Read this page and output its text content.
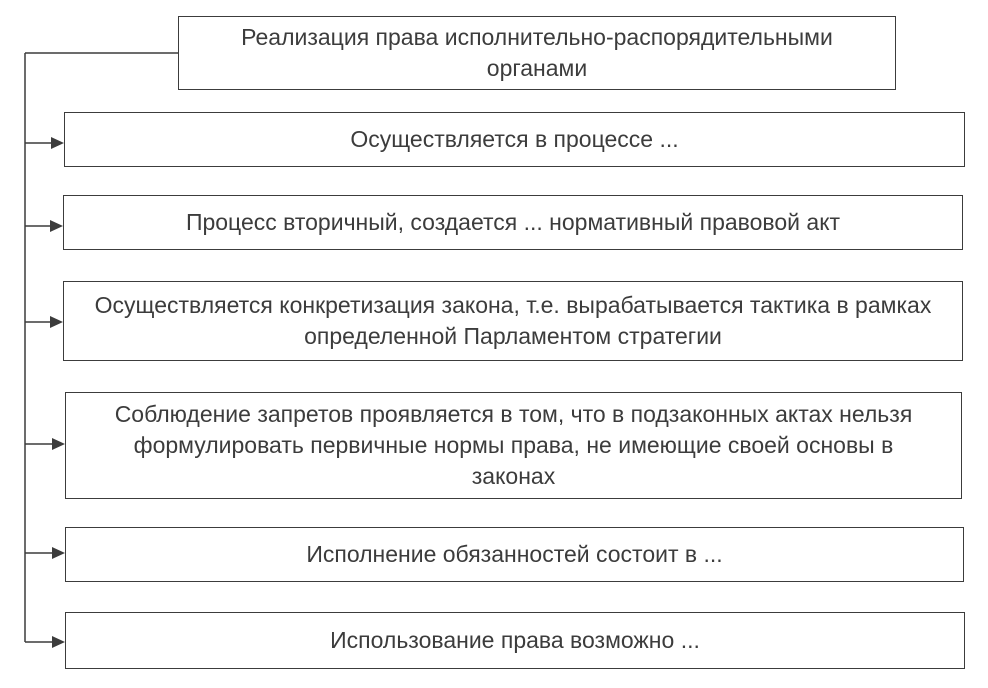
Реализация права исполнительно-распорядительными органами
Осуществляется в процессе ...
Процесс вторичный, создается ... нормативный правовой акт
Осуществляется конкретизация закона, т.е. вырабатывается тактика в рамках определенной Парламентом стратегии
Соблюдение запретов проявляется в том, что в подзаконных актах нельзя формулировать первичные нормы права, не имеющие своей основы в законах
Исполнение обязанностей состоит в ...
Использование права возможно ...
